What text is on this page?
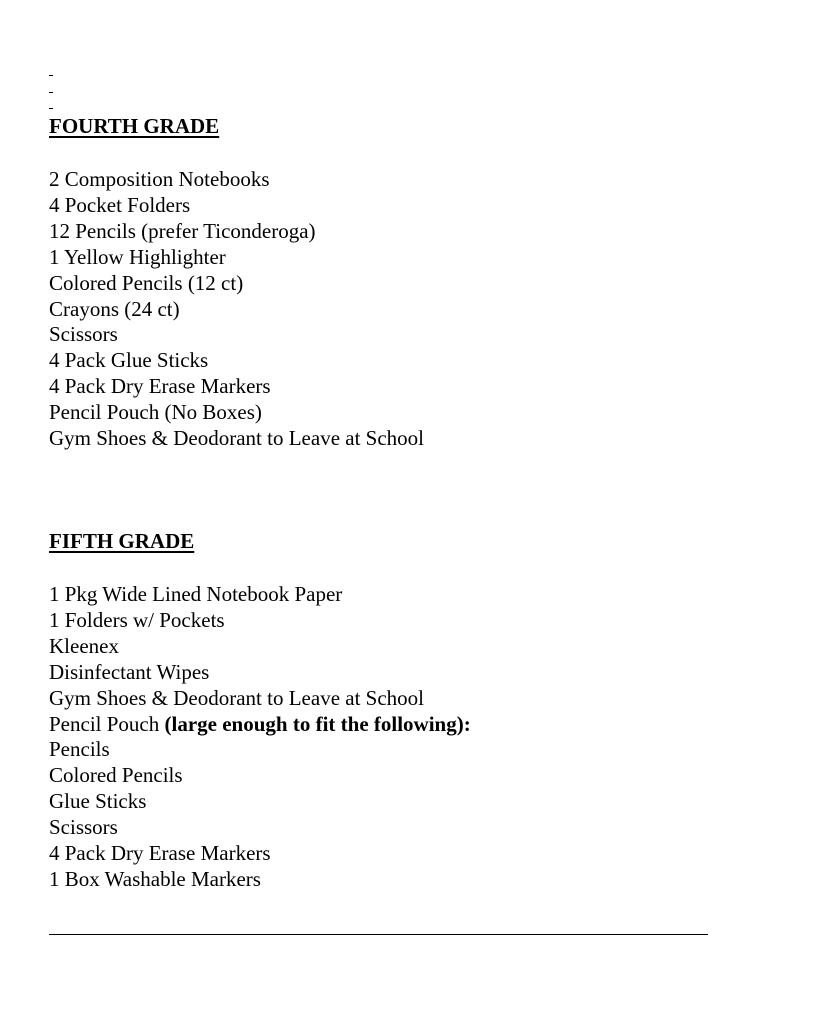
FOURTH GRADE
2 Composition Notebooks
4 Pocket Folders
12 Pencils (prefer Ticonderoga)
1 Yellow Highlighter
Colored Pencils (12 ct)
Crayons (24 ct)
Scissors
4 Pack Glue Sticks
4 Pack Dry Erase Markers
Pencil Pouch (No Boxes)
Gym Shoes & Deodorant to Leave at School
FIFTH GRADE
1 Pkg Wide Lined Notebook Paper
1 Folders w/ Pockets
Kleenex
Disinfectant Wipes
Gym Shoes & Deodorant to Leave at School
Pencil Pouch (large enough to fit the following):
Pencils
Colored Pencils
Glue Sticks
Scissors
4 Pack Dry Erase Markers
1 Box Washable Markers
